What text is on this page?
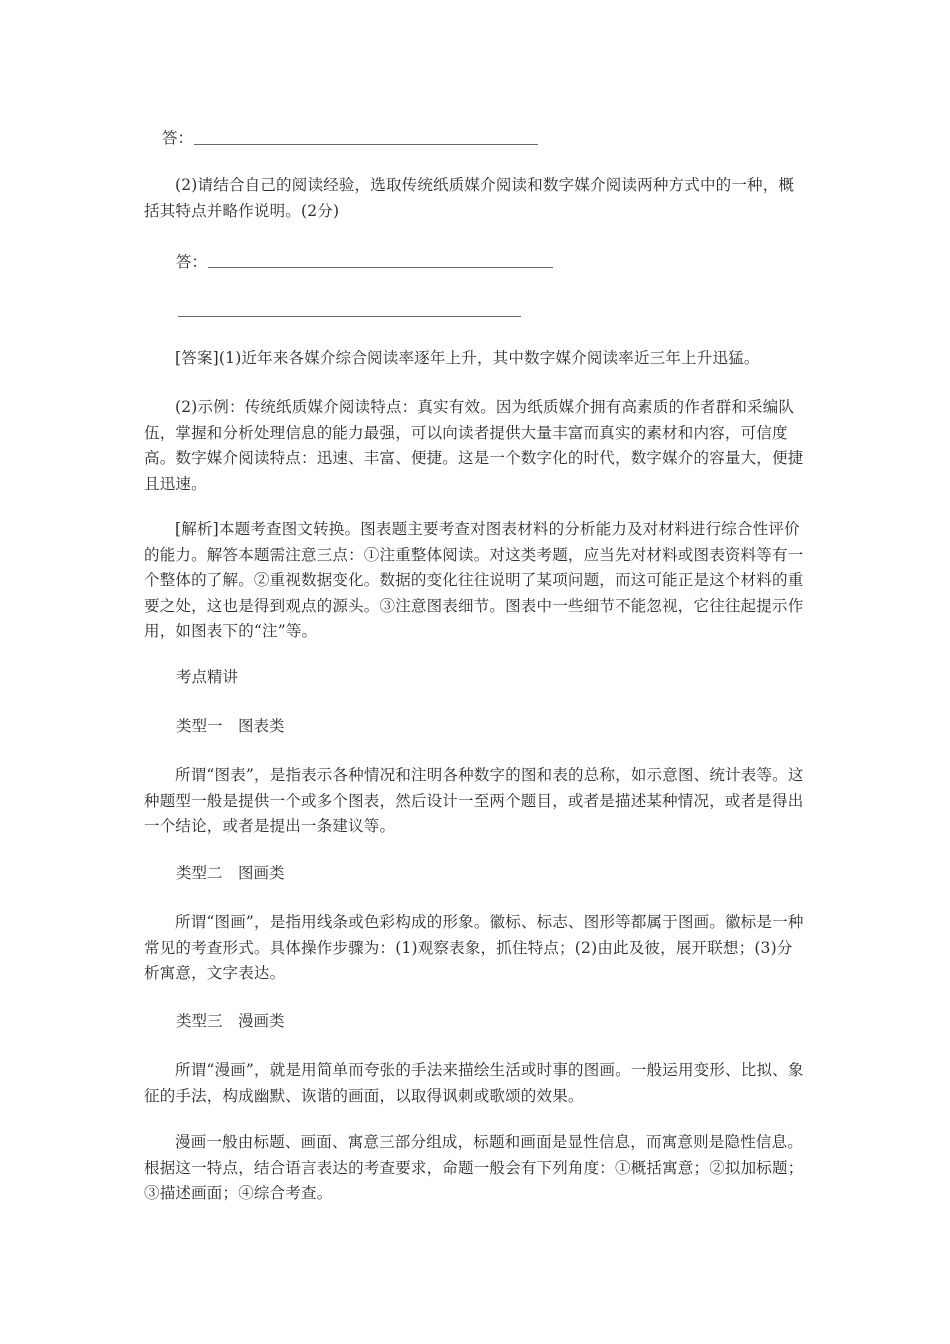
答：
(2)请结合自己的阅读经验，选取传统纸质媒介阅读和数字媒介阅读两种方式中的一种，概括其特点并略作说明。(2分)
答：
[答案](1)近年来各媒介综合阅读率逐年上升，其中数字媒介阅读率近三年上升迅猛。
(2)示例：传统纸质媒介阅读特点：真实有效。因为纸质媒介拥有高素质的作者群和采编队伍，掌握和分析处理信息的能力最强，可以向读者提供大量丰富而真实的素材和内容，可信度高。数字媒介阅读特点：迅速、丰富、便捷。这是一个数字化的时代，数字媒介的容量大，便捷且迅速。
[解析]本题考查图文转换。图表题主要考查对图表材料的分析能力及对材料进行综合性评价的能力。解答本题需注意三点：①注重整体阅读。对这类考题，应当先对材料或图表资料等有一个整体的了解。②重视数据变化。数据的变化往往说明了某项问题，而这可能正是这个材料的重要之处，这也是得到观点的源头。③注意图表细节。图表中一些细节不能忽视，它往往起提示作用，如图表下的“注”等。
考点精讲
类型一　图表类
所谓“图表”，是指表示各种情况和注明各种数字的图和表的总称，如示意图、统计表等。这种题型一般是提供一个或多个图表，然后设计一至两个题目，或者是描述某种情况，或者是得出一个结论，或者是提出一条建议等。
类型二　图画类
所谓“图画”，是指用线条或色彩构成的形象。徽标、标志、图形等都属于图画。徽标是一种常见的考查形式。具体操作步骤为：(1)观察表象，抓住特点；(2)由此及彼，展开联想；(3)分析寓意，文字表达。
类型三　漫画类
所谓“漫画”，就是用简单而夸张的手法来描绘生活或时事的图画。一般运用变形、比拟、象征的手法，构成幽默、诙谐的画面，以取得讽刺或歌颂的效果。
漫画一般由标题、画面、寓意三部分组成，标题和画面是显性信息，而寓意则是隐性信息。根据这一特点，结合语言表达的考查要求，命题一般会有下列角度：①概括寓意；②拟加标题；③描述画面；④综合考查。
